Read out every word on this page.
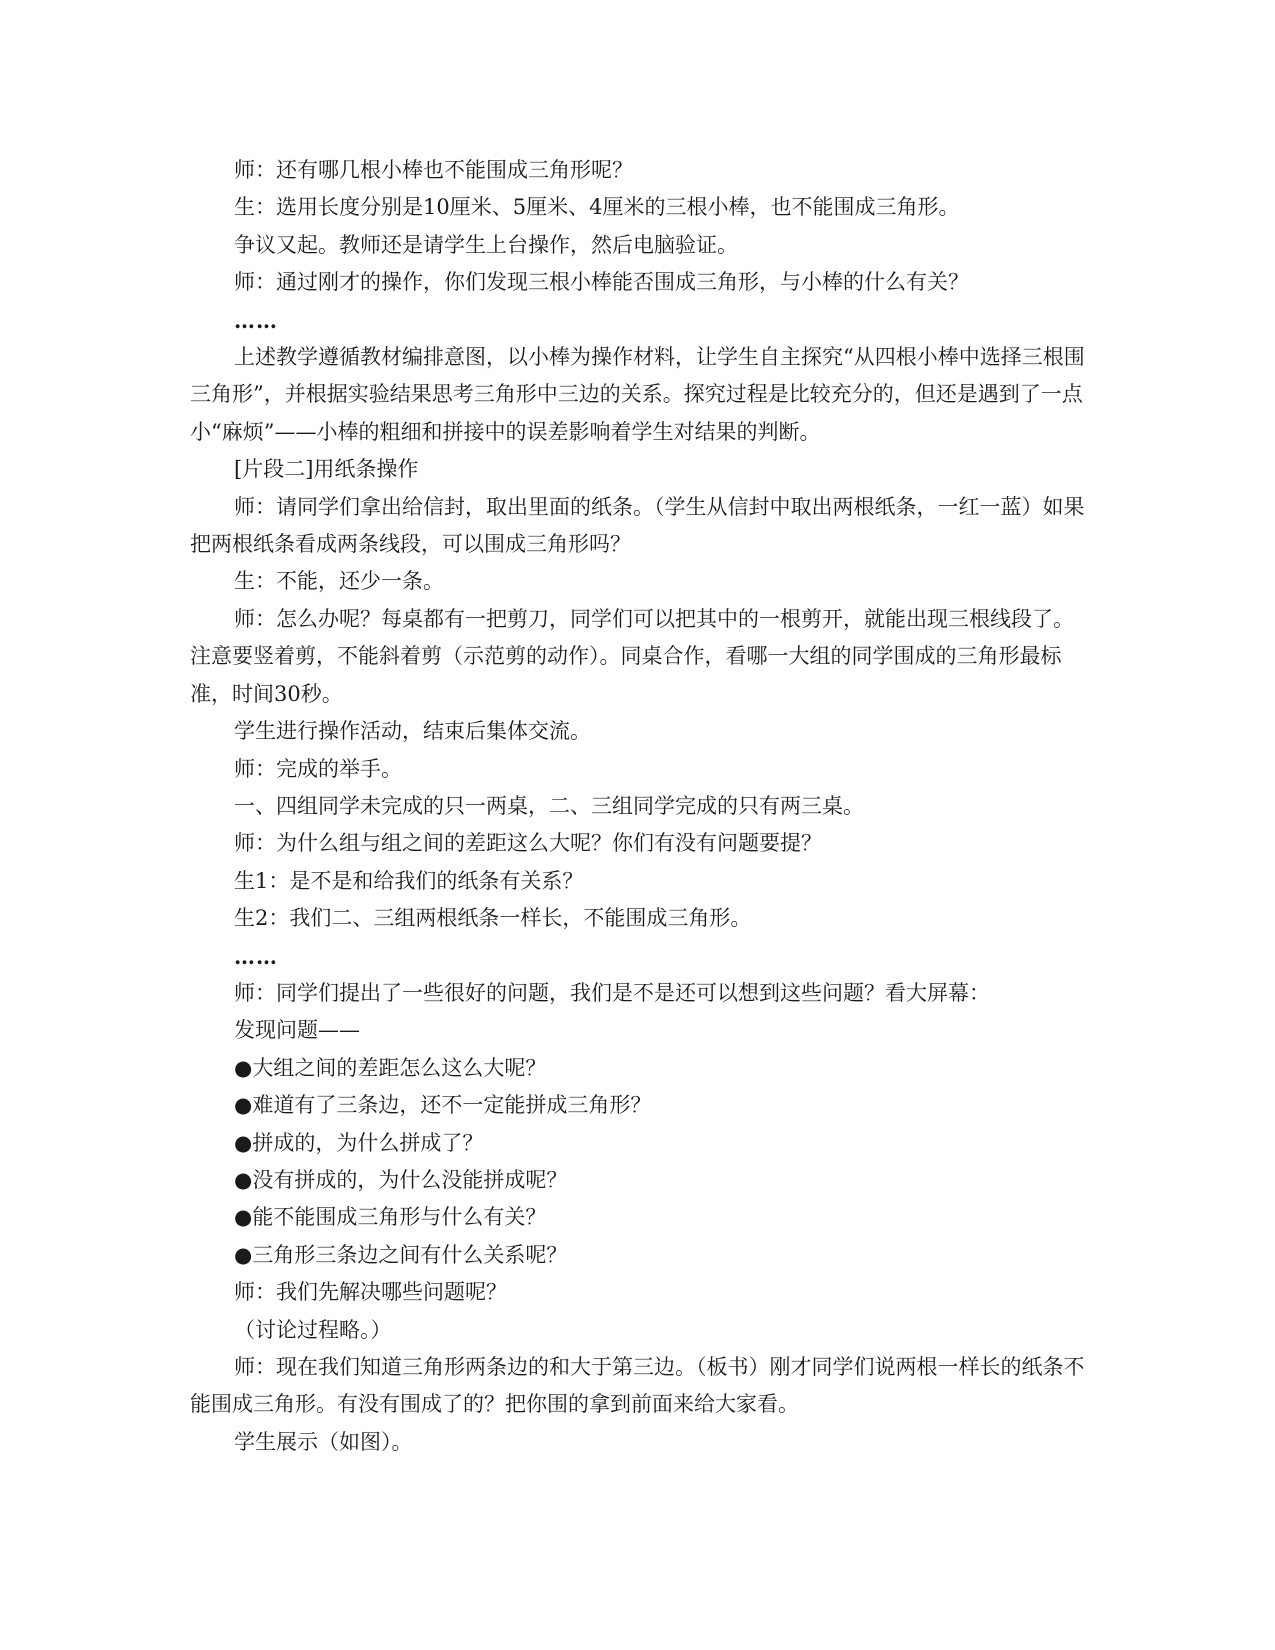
师：还有哪几根小棒也不能围成三角形呢？

生：选用长度分别是10厘米、5厘米、4厘米的三根小棒，也不能围成三角形。

争议又起。教师还是请学生上台操作，然后电脑验证。

师：通过刚才的操作，你们发现三根小棒能否围成三角形，与小棒的什么有关？

……

上述教学遵循教材编排意图，以小棒为操作材料，让学生自主探究“从四根小棒中选择三根围三角形”，并根据实验结果思考三角形中三边的关系。探究过程是比较充分的，但还是遇到了一点小“麻烦”——小棒的粗细和拼接中的误差影响着学生对结果的判断。

[片段二]用纸条操作

师：请同学们拿出给信封，取出里面的纸条。（学生从信封中取出两根纸条，一红一蓝）如果把两根纸条看成两条线段，可以围成三角形吗？

生：不能，还少一条。

师：怎么办呢？每桌都有一把剪刀，同学们可以把其中的一根剪开，就能出现三根线段了。注意要竖着剪，不能斜着剪（示范剪的动作）。同桌合作，看哪一大组的同学围成的三角形最标准，时间30秒。

学生进行操作活动，结束后集体交流。

师：完成的举手。

一、四组同学未完成的只一两桌，二、三组同学完成的只有两三桌。

师：为什么组与组之间的差距这么大呢？你们有没有问题要提？

生1：是不是和给我们的纸条有关系？

生2：我们二、三组两根纸条一样长，不能围成三角形。

……

师：同学们提出了一些很好的问题，我们是不是还可以想到这些问题？看大屏幕：

发现问题——

●大组之间的差距怎么这么大呢？

●难道有了三条边，还不一定能拼成三角形？

●拼成的，为什么拼成了？

●没有拼成的，为什么没能拼成呢？

●能不能围成三角形与什么有关？

●三角形三条边之间有什么关系呢？

师：我们先解决哪些问题呢？

（讨论过程略。）

师：现在我们知道三角形两条边的和大于第三边。（板书）刚才同学们说两根一样长的纸条不能围成三角形。有没有围成了的？把你围的拿到前面来给大家看。

学生展示（如图）。
